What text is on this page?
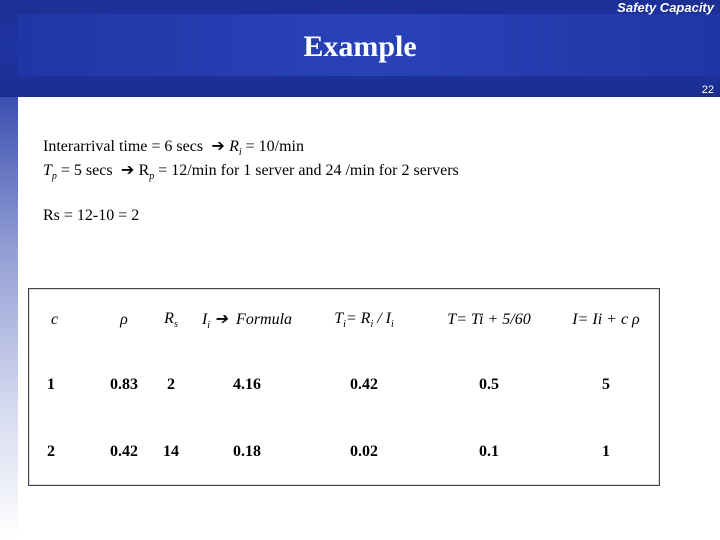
Safety Capacity
Example
22
Interarrival time = 6 secs ➔ $R_i = 10/\min$
$T_p = 5$ secs ➔ $R_p = 12/\min$ for 1 server and 24 /min for 2 servers
Rs = 12-10 = 2
c	ρ	$R_s$	$I_i$ ➔ Formula	$T_i= R_i / I_i$	T= Ti + 5/60	I= Ii + c ρ
1	0.83	2	4.16	0.42	0.5	5
2	0.42	14	0.18	0.02	0.1	1
